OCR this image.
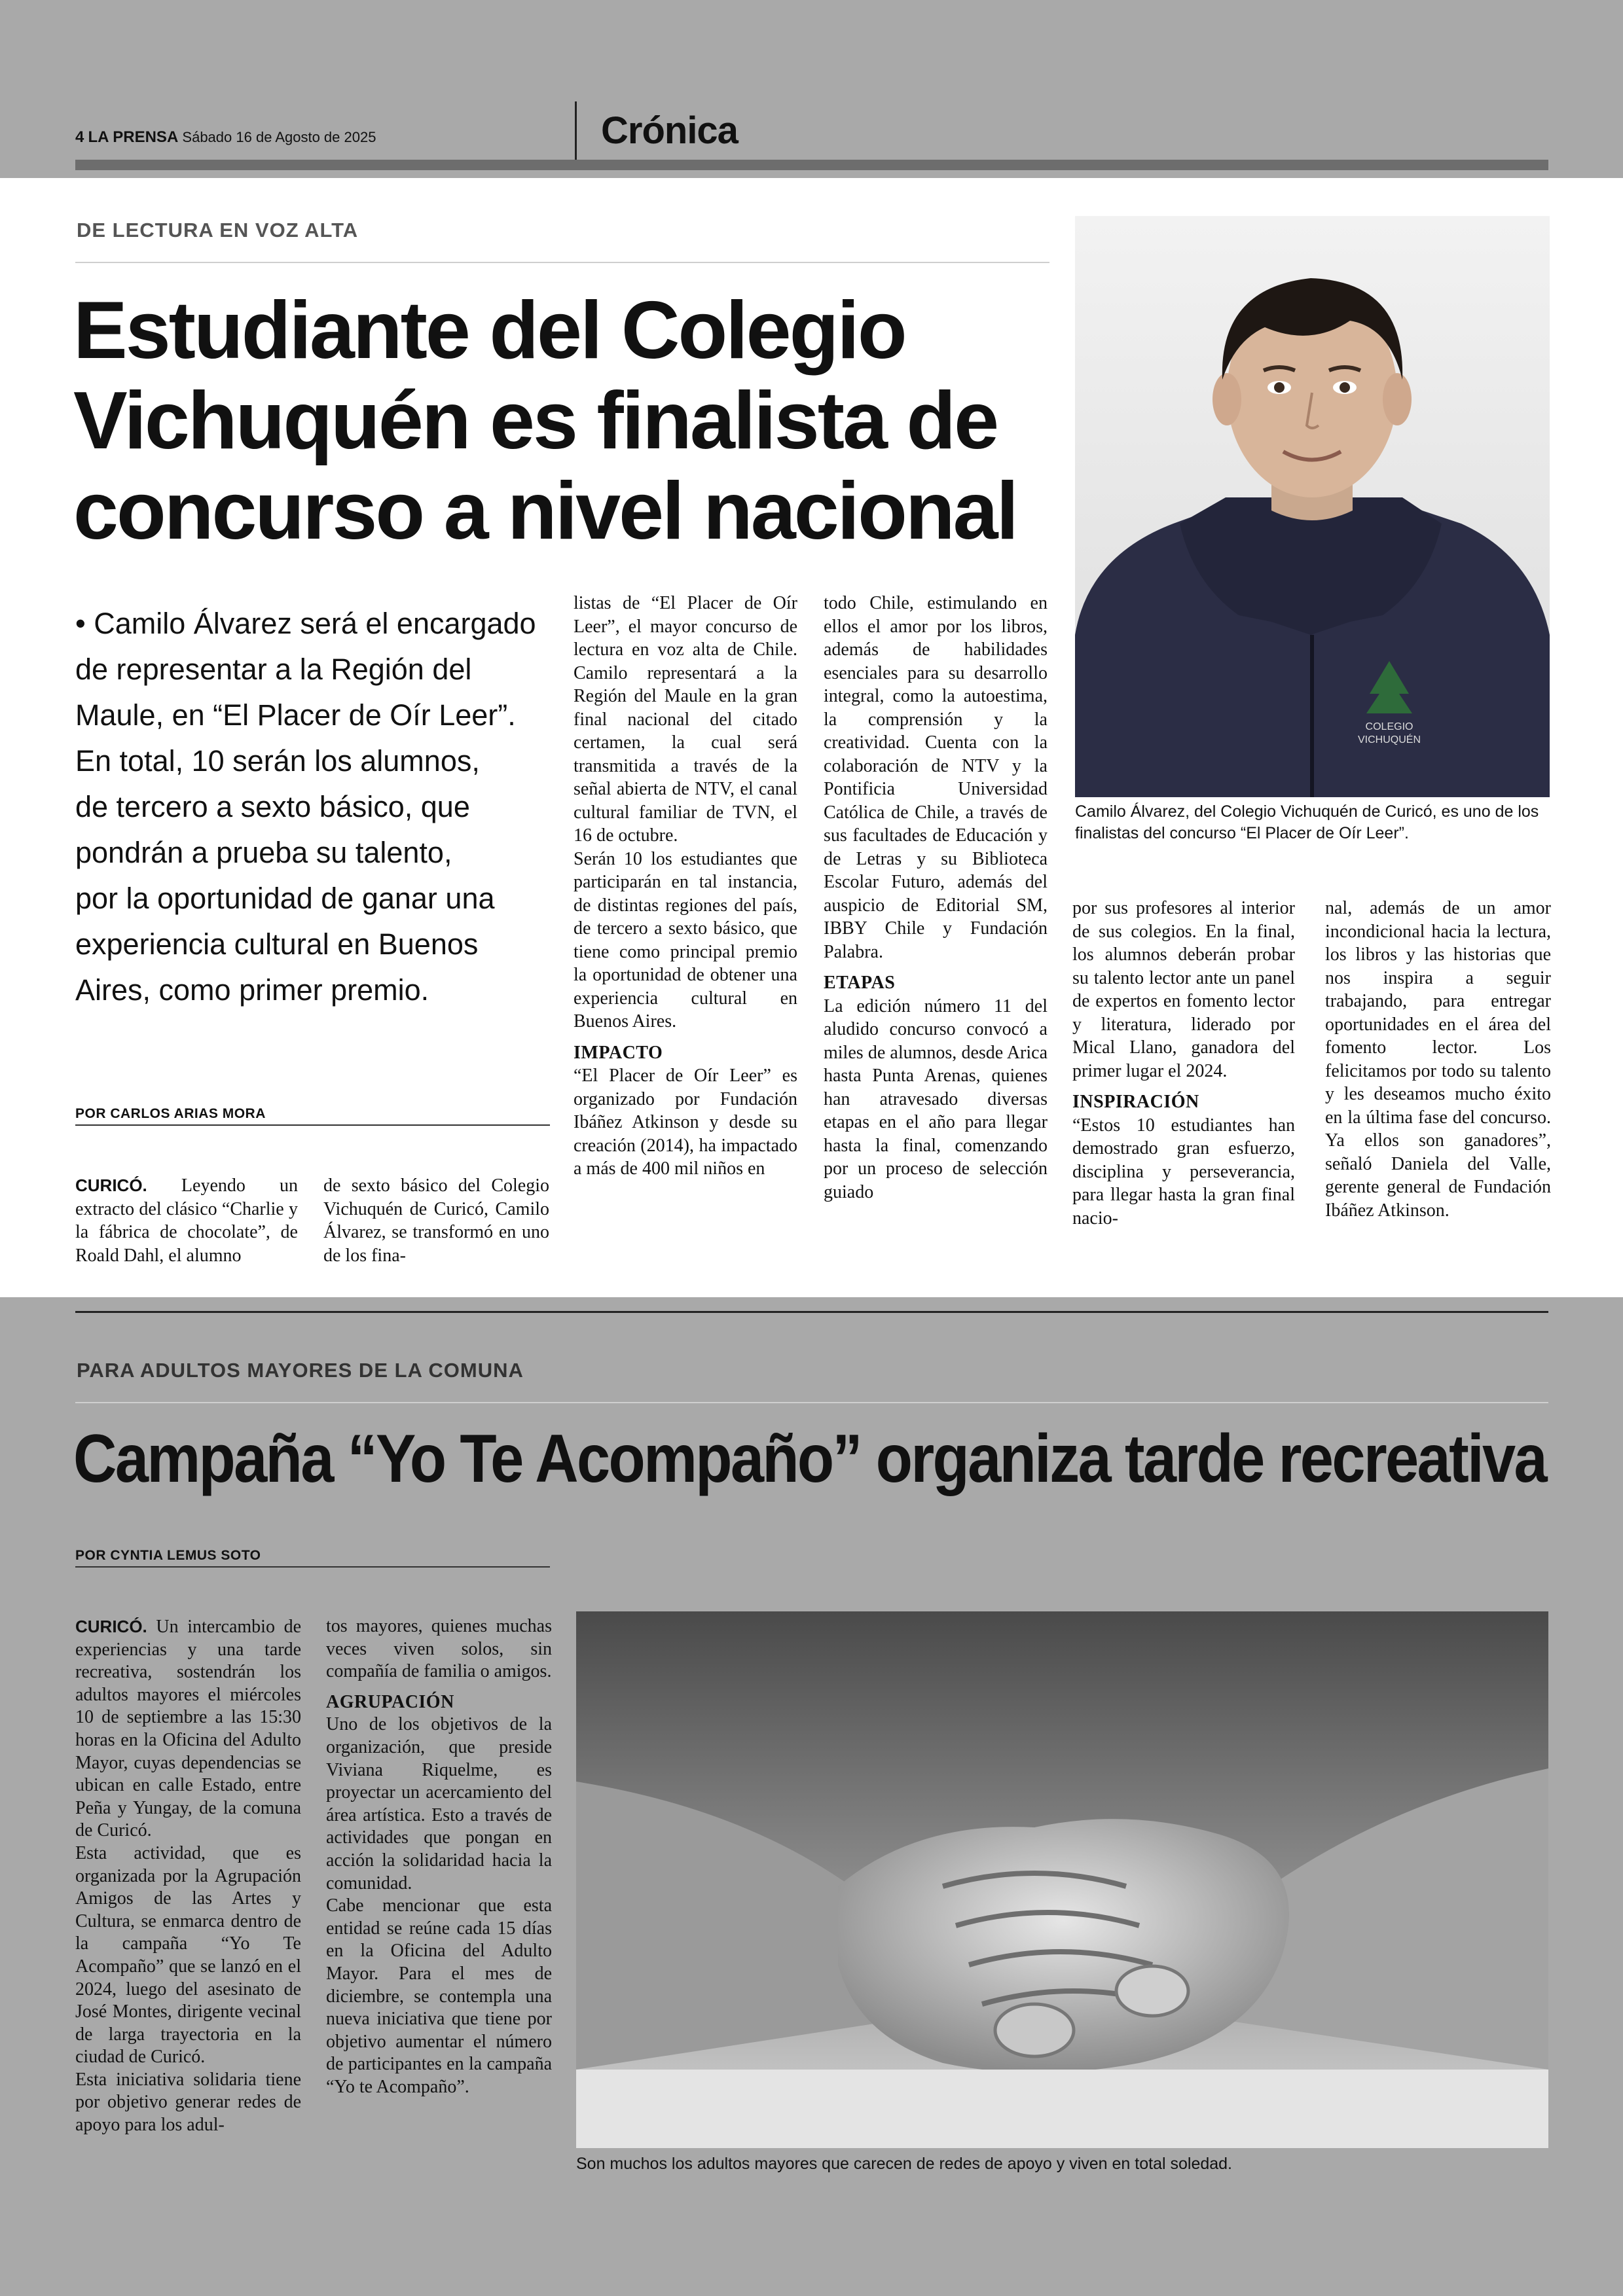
4 LA PRENSA Sábado 16 de Agosto de 2025	Crónica
DE LECTURA EN VOZ ALTA
Estudiante del Colegio
Vichuquén es finalista de
concurso a nivel nacional
• Camilo Álvarez será el encargado
de representar a la Región del
Maule, en “El Placer de Oír Leer”.
En total, 10 serán los alumnos,
de tercero a sexto básico, que
pondrán a prueba su talento,
por la oportunidad de ganar una
experiencia cultural en Buenos
Aires, como primer premio.
POR CARLOS ARIAS MORA

CURICÓ. Leyendo un extracto del clásico “Charlie y la fábrica de chocolate”, de Roald Dahl, el alumno

de sexto básico del Colegio Vichuquén de Curicó, Camilo Álvarez, se transformó en uno de los fina-

listas de “El Placer de Oír Leer”, el mayor concurso de lectura en voz alta de Chile. Camilo representará a la Región del Maule en la gran final nacional del citado certamen, la cual será transmitida a través de la señal abierta de NTV, el canal cultural familiar de TVN, el 16 de octubre.

Serán 10 los estudiantes que participarán en tal instancia, de distintas regiones del país, de tercero a sexto básico, que tiene como principal premio la oportunidad de obtener una experiencia cultural en Buenos Aires.

IMPACTO

“El Placer de Oír Leer” es organizado por Fundación Ibáñez Atkinson y desde su creación (2014), ha impactado a más de 400 mil niños en

todo Chile, estimulando en ellos el amor por los libros, además de habilidades esenciales para su desarrollo integral, como la autoestima, la comprensión y la creatividad. Cuenta con la colaboración de NTV y la Pontificia Universidad Católica de Chile, a través de sus facultades de Educación y de Letras y su Biblioteca Escolar Futuro, además del auspicio de Editorial SM, IBBY Chile y Fundación Palabra.

ETAPAS

La edición número 11 del aludido concurso convocó a miles de alumnos, desde Arica hasta Punta Arenas, quienes han atravesado diversas etapas en el año para llegar hasta la final, comenzando por un proceso de selección guiado

por sus profesores al interior de sus colegios. En la final, los alumnos deberán probar su talento lector ante un panel de expertos en fomento lector y literatura, liderado por Mical Llano, ganadora del primer lugar el 2024.

INSPIRACIÓN

“Estos 10 estudiantes han demostrado gran esfuerzo, disciplina y perseverancia, para llegar hasta la gran final nacio-

nal, además de un amor incondicional hacia la lectura, los libros y las historias que nos inspira a seguir trabajando, para entregar oportunidades en el área del fomento lector. Los felicitamos por todo su talento y les deseamos mucho éxito en la última fase del concurso. Ya ellos son ganadores”, señaló Daniela del Valle, gerente general de Fundación Ibáñez Atkinson.

COLEGIO
VICHUQUÉN
Camilo Álvarez, del Colegio Vichuquén de Curicó, es uno de los finalistas del concurso “El Placer de Oír Leer”.
PARA ADULTOS MAYORES DE LA COMUNA
Campaña “Yo Te Acompaño” organiza tarde recreativa
POR CYNTIA LEMUS SOTO

CURICÓ. Un intercambio de experiencias y una tarde recreativa, sostendrán los adultos mayores el miércoles 10 de septiembre a las 15:30 horas en la Oficina del Adulto Mayor, cuyas dependencias se ubican en calle Estado, entre Peña y Yungay, de la comuna de Curicó.

Esta actividad, que es organizada por la Agrupación Amigos de las Artes y Cultura, se enmarca dentro de la campaña “Yo Te Acompaño” que se lanzó en el 2024, luego del asesinato de José Montes, dirigente vecinal de larga trayectoria en la ciudad de Curicó.

Esta iniciativa solidaria tiene por objetivo generar redes de apoyo para los adul-

tos mayores, quienes muchas veces viven solos, sin compañía de familia o amigos.

AGRUPACIÓN

Uno de los objetivos de la organización, que preside Viviana Riquelme, es proyectar un acercamiento del área artística. Esto a través de actividades que pongan en acción la solidaridad hacia la comunidad.

Cabe mencionar que esta entidad se reúne cada 15 días en la Oficina del Adulto Mayor. Para el mes de diciembre, se contempla una nueva iniciativa que tiene por objetivo aumentar el número de participantes en la campaña “Yo te Acompaño”.

Son muchos los adultos mayores que carecen de redes de apoyo y viven en total soledad.
